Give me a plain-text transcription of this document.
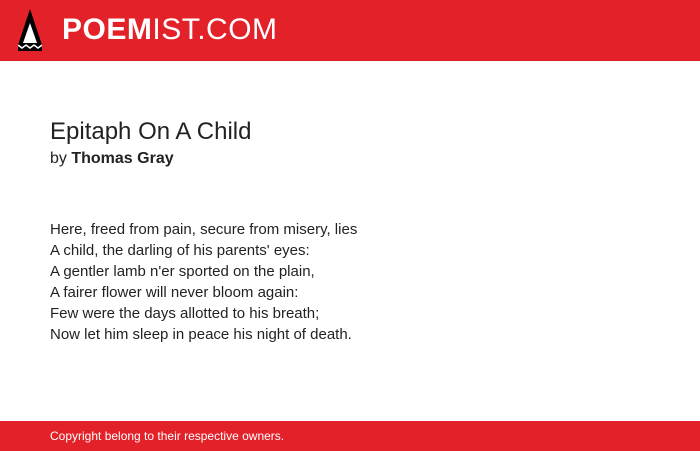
POEMIST.COM
Epitaph On A Child
by Thomas Gray
Here, freed from pain, secure from misery, lies
A child, the darling of his parents' eyes:
A gentler lamb n'er sported on the plain,
A fairer flower will never bloom again:
Few were the days allotted to his breath;
Now let him sleep in peace his night of death.
Copyright belong to their respective owners.
